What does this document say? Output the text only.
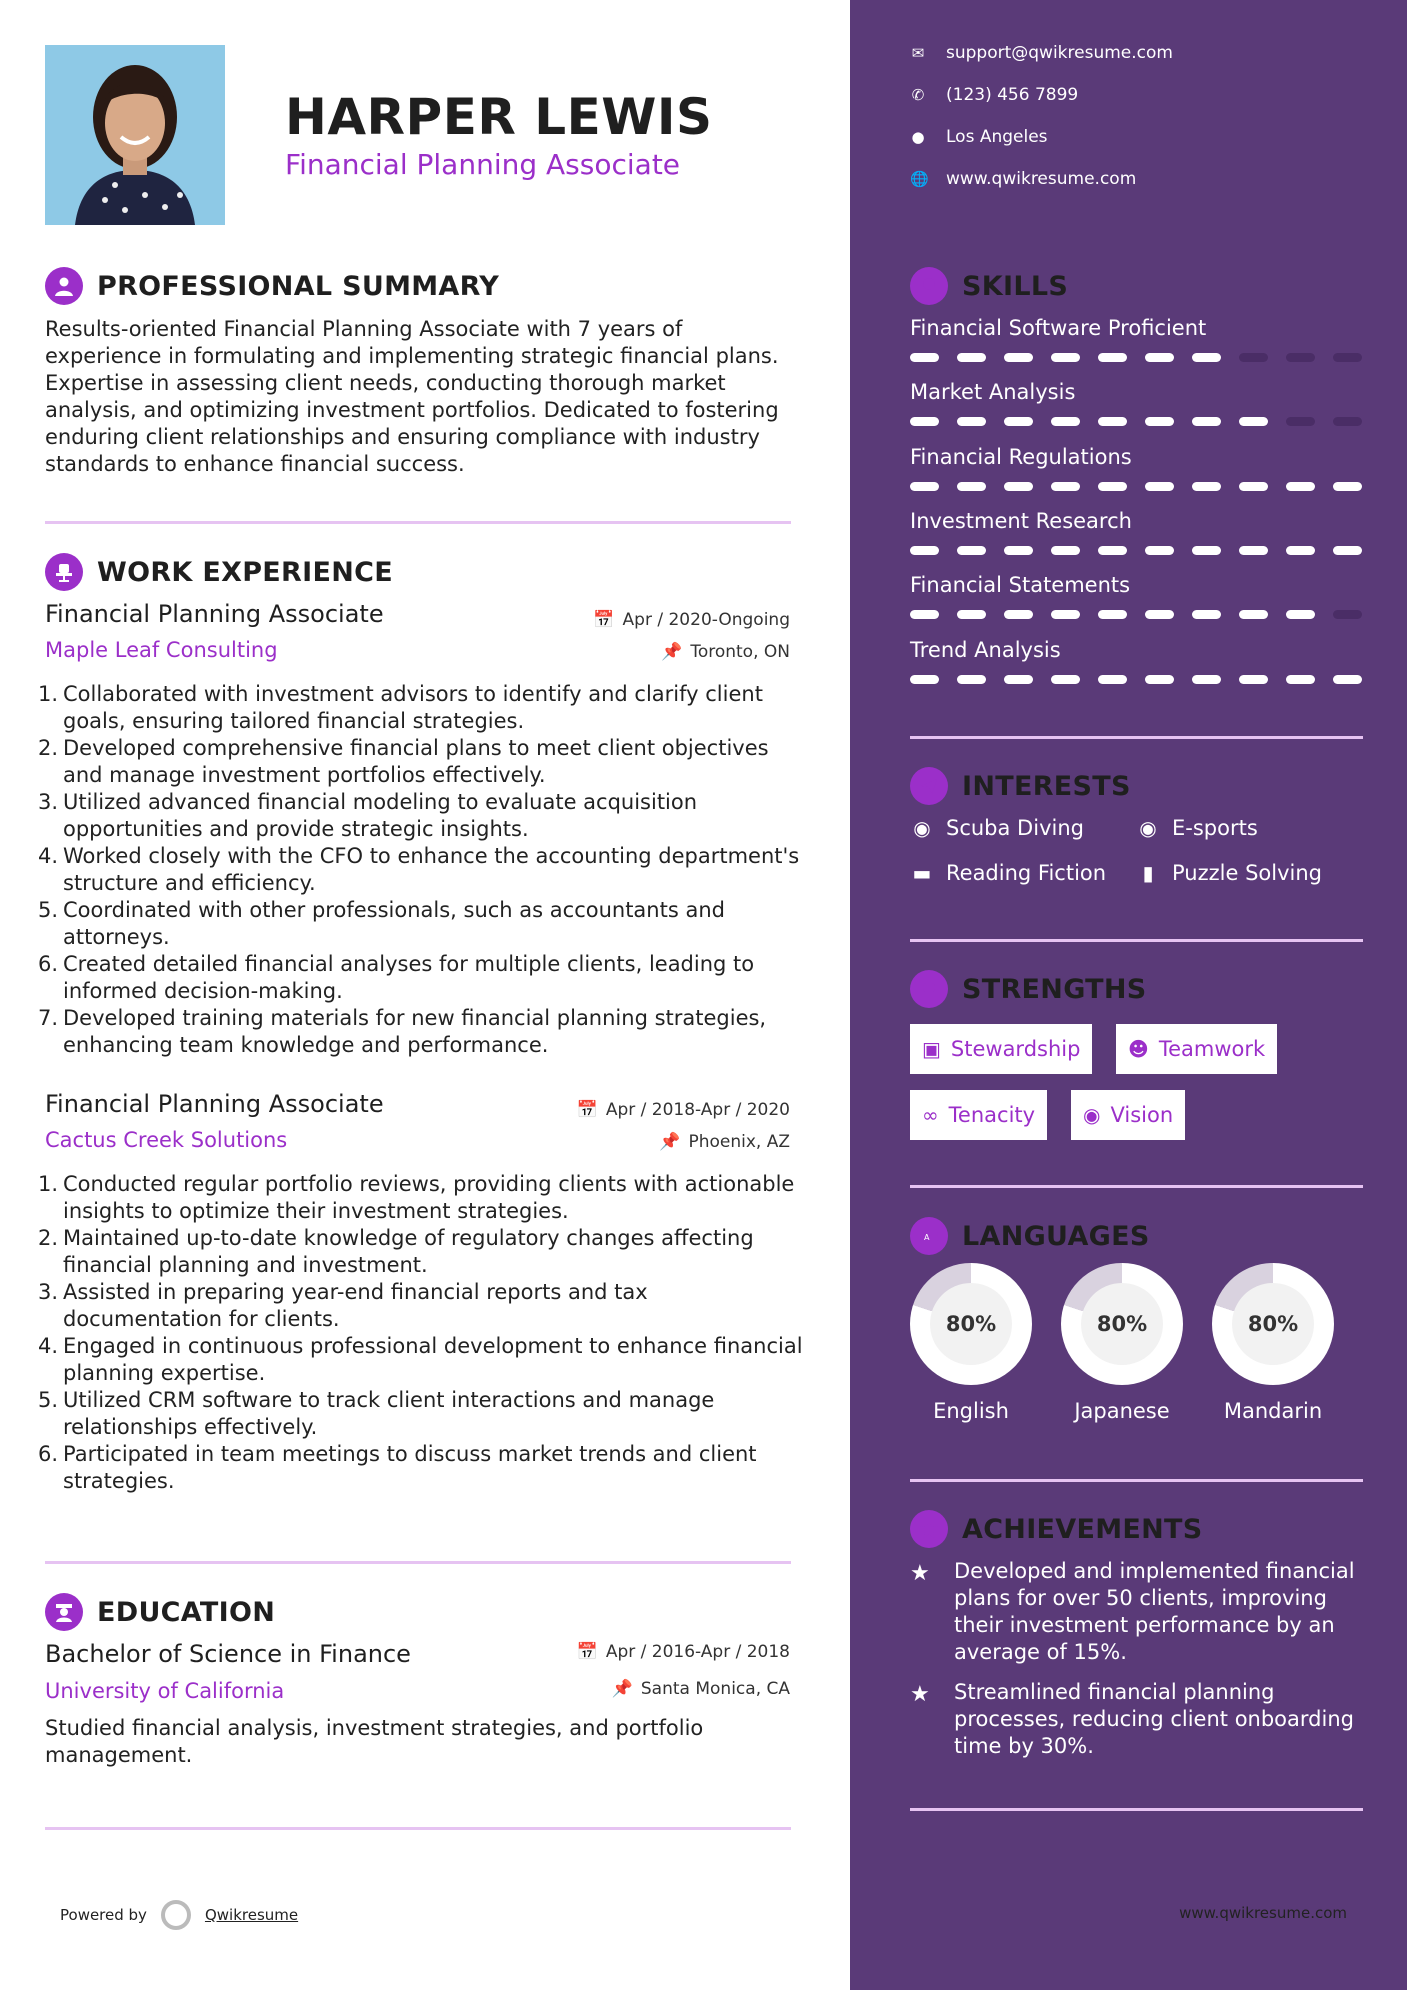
HARPER LEWIS
Financial Planning Associate
PROFESSIONAL SUMMARY
Results-oriented Financial Planning Associate with 7 years of experience in formulating and implementing strategic financial plans. Expertise in assessing client needs, conducting thorough market analysis, and optimizing investment portfolios. Dedicated to fostering enduring client relationships and ensuring compliance with industry standards to enhance financial success.
WORK EXPERIENCE
Financial Planning Associate	📅 Apr / 2020-Ongoing
Maple Leaf Consulting	📌 Toronto, ON
1. Collaborated with investment advisors to identify and clarify client goals, ensuring tailored financial strategies.
2. Developed comprehensive financial plans to meet client objectives and manage investment portfolios effectively.
3. Utilized advanced financial modeling to evaluate acquisition opportunities and provide strategic insights.
4. Worked closely with the CFO to enhance the accounting department's structure and efficiency.
5. Coordinated with other professionals, such as accountants and attorneys.
6. Created detailed financial analyses for multiple clients, leading to informed decision-making.
7. Developed training materials for new financial planning strategies, enhancing team knowledge and performance.
Financial Planning Associate	📅 Apr / 2018-Apr / 2020
Cactus Creek Solutions	📌 Phoenix, AZ
1. Conducted regular portfolio reviews, providing clients with actionable insights to optimize their investment strategies.
2. Maintained up-to-date knowledge of regulatory changes affecting financial planning and investment.
3. Assisted in preparing year-end financial reports and tax documentation for clients.
4. Engaged in continuous professional development to enhance financial planning expertise.
5. Utilized CRM software to track client interactions and manage relationships effectively.
6. Participated in team meetings to discuss market trends and client strategies.
EDUCATION
Bachelor of Science in Finance	📅 Apr / 2016-Apr / 2018
University of California	📌 Santa Monica, CA
Studied financial analysis, investment strategies, and portfolio management.
Powered by	Qwikresume
✉ support@qwikresume.com
✆ (123) 456 7899
● Los Angeles
🌐 www.qwikresume.com
SKILLS
Financial Software Proficient
Market Analysis
Financial Regulations
Investment Research
Financial Statements
Trend Analysis
INTERESTS
◉ Scuba Diving	◉ E-sports
▬ Reading Fiction	▮ Puzzle Solving
STRENGTHS
▣ Stewardship ☻ Teamwork
∞ Tenacity ◉ Vision
A LANGUAGES
80%
English
80%
Japanese
80%
Mandarin
ACHIEVEMENTS
★	Developed and implemented financial plans for over 50 clients, improving their investment performance by an average of 15%.
★	Streamlined financial planning processes, reducing client onboarding time by 30%.
www.qwikresume.com
